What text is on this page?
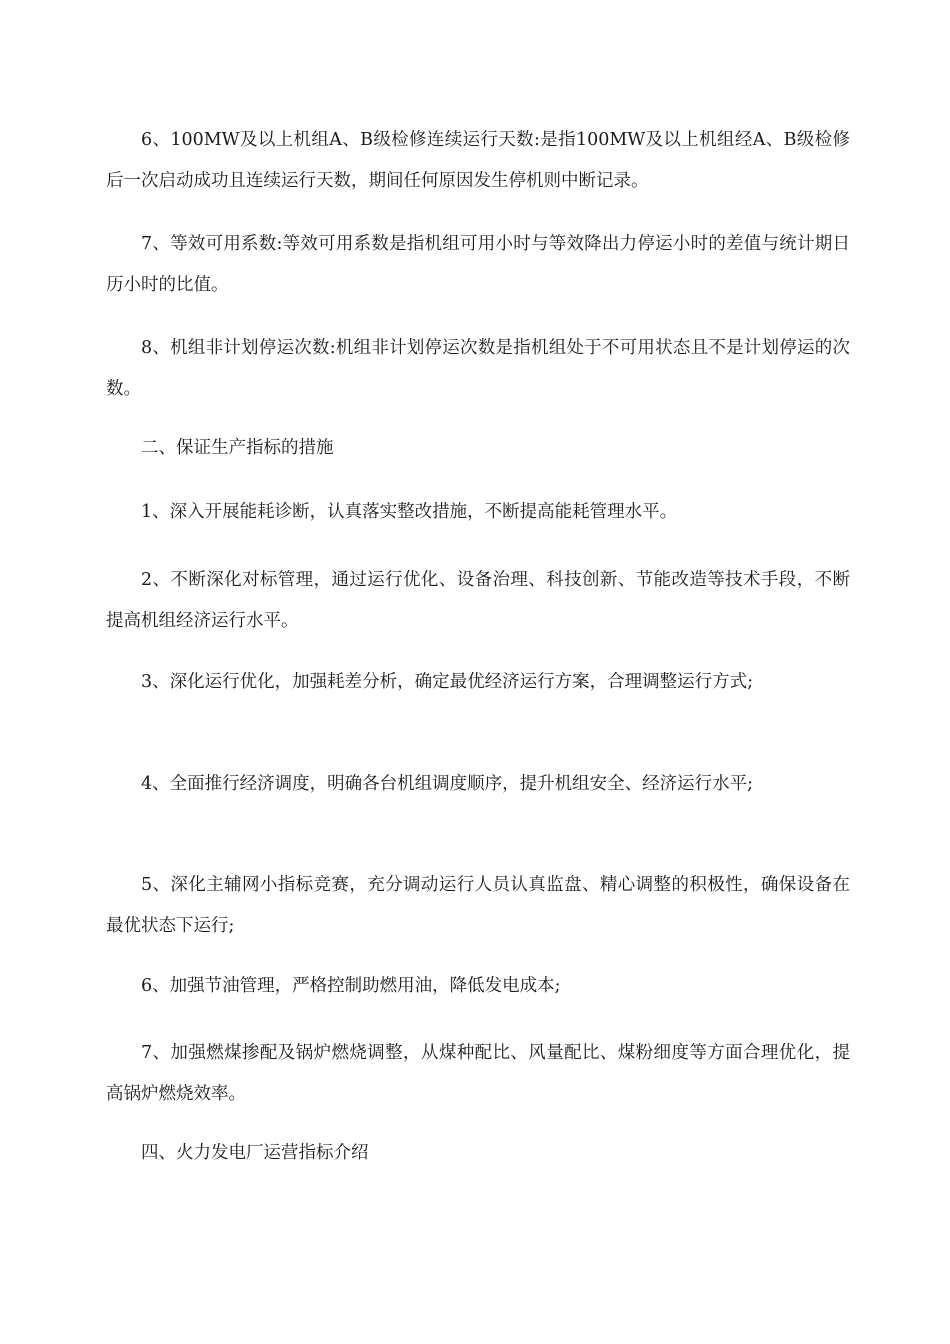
6、100MW及以上机组A、B级检修连续运行天数:是指100MW及以上机组经A、B级检修后一次启动成功且连续运行天数，期间任何原因发生停机则中断记录。

7、等效可用系数:等效可用系数是指机组可用小时与等效降出力停运小时的差值与统计期日历小时的比值。

8、机组非计划停运次数:机组非计划停运次数是指机组处于不可用状态且不是计划停运的次数。

二、保证生产指标的措施

1、深入开展能耗诊断，认真落实整改措施，不断提高能耗管理水平。

2、不断深化对标管理，通过运行优化、设备治理、科技创新、节能改造等技术手段，不断提高机组经济运行水平。

3、深化运行优化，加强耗差分析，确定最优经济运行方案，合理调整运行方式;

4、全面推行经济调度，明确各台机组调度顺序，提升机组安全、经济运行水平;

5、深化主辅网小指标竞赛，充分调动运行人员认真监盘、精心调整的积极性，确保设备在最优状态下运行;

6、加强节油管理，严格控制助燃用油，降低发电成本;

7、加强燃煤掺配及锅炉燃烧调整，从煤种配比、风量配比、煤粉细度等方面合理优化，提高锅炉燃烧效率。

四、火力发电厂运营指标介绍
